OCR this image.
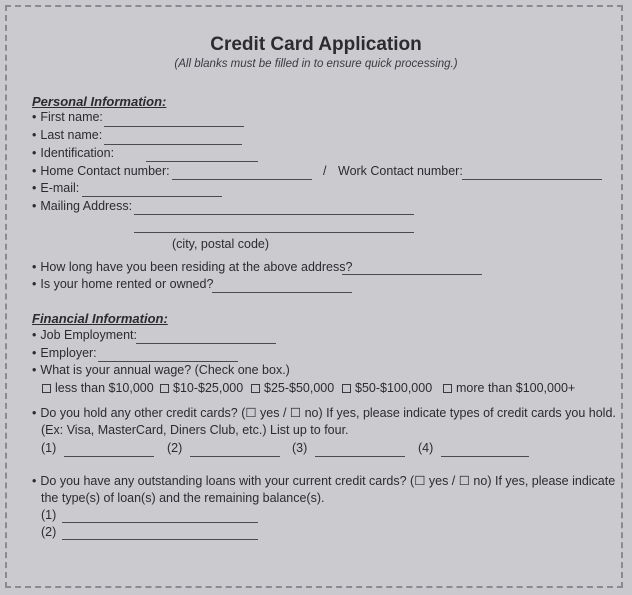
Credit Card Application
(All blanks must be filled in to ensure quick processing.)
Personal Information:
• First name:
• Last name:
• Identification:
• Home Contact number:	/ Work Contact number:
• E-mail:
• Mailing Address:
(city, postal code)
• How long have you been residing at the above address?
• Is your home rented or owned?
Financial Information:
• Job Employment:
• Employer:
• What is your annual wage? (Check one box.)
less than $10,000	$10-$25,000	$25-$50,000	$50-$100,000	more than $100,000+
• Do you hold any other credit cards? (☐ yes / ☐ no) If yes, please indicate types of credit cards you hold.
(Ex: Visa, MasterCard, Diners Club, etc.) List up to four.
(1)	(2)	(3)	(4)
• Do you have any outstanding loans with your current credit cards? (☐ yes / ☐ no) If yes, please indicate
the type(s) of loan(s) and the remaining balance(s).
(1)
(2)
